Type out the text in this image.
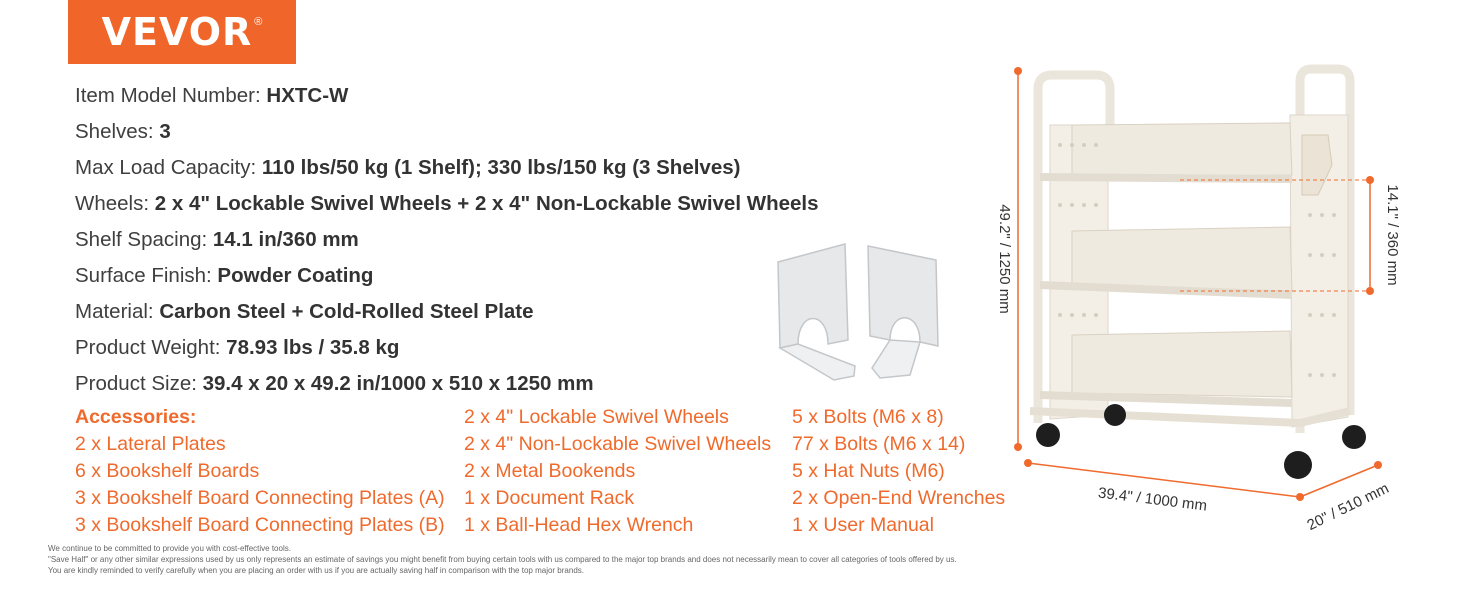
VEVOR ®
Item Model Number: HXTC-W
Shelves: 3
Max Load Capacity: 110 lbs/50 kg (1 Shelf); 330 lbs/150 kg (3 Shelves)
Wheels: 2 x 4" Lockable Swivel Wheels + 2 x 4" Non-Lockable Swivel Wheels
Shelf Spacing: 14.1 in/360 mm
Surface Finish: Powder Coating
Material: Carbon Steel + Cold-Rolled Steel Plate
Product Weight: 78.93 lbs / 35.8 kg
Product Size: 39.4 x 20 x 49.2 in/1000 x 510 x 1250 mm
Accessories:
2 x Lateral Plates
6 x Bookshelf Boards
3 x Bookshelf Board Connecting Plates (A)
3 x Bookshelf Board Connecting Plates (B)
2 x 4" Lockable Swivel Wheels
2 x 4" Non-Lockable Swivel Wheels
2 x Metal Bookends
1 x Document Rack
1 x Ball-Head Hex Wrench
5 x Bolts (M6 x 8)
77 x Bolts (M6 x 14)
5 x Hat Nuts (M6)
2 x Open-End Wrenches
1 x User Manual
We continue to be committed to provide you with cost-effective tools.
"Save Half" or any other similar expressions used by us only represents an estimate of savings you might benefit from buying certain tools with us compared to the major top brands and does not necessarily mean to cover all categories of tools offered by us.
You are kindly reminded to verify carefully when you are placing an order with us if you are actually saving half in comparison with the top major brands.
49.2" / 1250 mm	14.1" / 360 mm
39.4" / 1000 mm	20" / 510 mm
